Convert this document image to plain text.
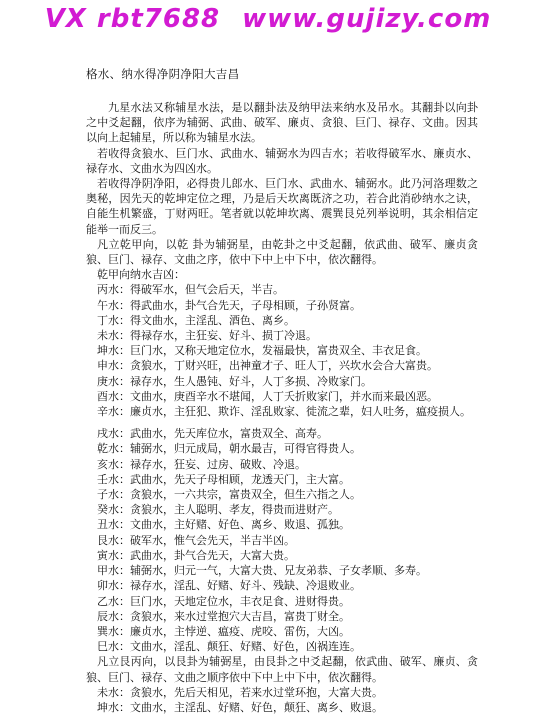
VX rbt7688 www.gujizy.com
格水、纳水得净阴净阳大吉昌

九星水法又称辅星水法，是以翻卦法及纳甲法来纳水及吊水。其翻卦以向卦之中爻起翻，依序为辅弼、武曲、破军、廉贞、贪狼、巨门、禄存、文曲。因其以向上起辅星，所以称为辅星水法。

若收得贪狼水、巨门水、武曲水、辅弼水为四吉水；若收得破军水、廉贞水、禄存水、文曲水为四凶水。

若收得净阴净阳，必得贵儿郎水、巨门水、武曲水、辅弼水。此乃河洛理数之奥秘，因先天的乾坤定位之理，乃是后天坎离既济之功，若合此消砂纳水之诀，自能生机繁盛，丁财两旺。笔者就以乾坤坎离、震巽艮兑列举说明，其余相信定能举一而反三。

凡立乾甲向，以乾 卦为辅弼星，由乾卦之中爻起翻，依武曲、破军、廉贞贪狼、巨门、禄存、文曲之序，依中下中上中下中，依次翻得。

乾甲向纳水吉凶：

丙水：得破军水，但气会后天，半吉。

午水：得武曲水，卦气合先天，子母相顾，子孙贤富。

丁水：得文曲水，主淫乱、酒色、离乡。

未水：得禄存水，主狂妄、好斗、损丁冷退。

坤水：巨门水，又称天地定位水，发福最快，富贵双全、丰衣足食。

申水：贪狼水，丁财兴旺，出神童才子、旺人丁，兴坎水会合大富贵。

庚水：禄存水，生人愚钝、好斗，人丁多损、冷败家门。

酉水：文曲水，庚酉辛水不堪闻，人丁夭折败家门，并水而来最凶恶。

辛水：廉贞水，主狂犯、欺诈、淫乱败家、徙流之辈，妇人吐务，瘟疫损人。

戌水：武曲水，先天库位水，富贵双全、高寿。

乾水：辅弼水，归元成局，朝水最吉，可得官得贵人。

亥水：禄存水，狂妄、过房、破败、冷退。

壬水：武曲水，先天子母相顾，龙透天门，主大富。

子水：贪狼水，一六共宗，富贵双全，但生六指之人。

癸水：贪狼水，主人聪明、孝友，得贵而进财产。

丑水：文曲水，主好赌、好色、离乡、败退、孤独。

艮水：破军水，惟气会先天，半吉半凶。

寅水：武曲水，卦气合先天，大富大贵。

甲水：辅弼水，归元一气，大富大贵、兄友弟恭、子女孝顺、多寿。

卯水：禄存水，淫乱、好赌、好斗、残缺、冷退败业。

乙水：巨门水，天地定位水，丰衣足食、进财得贵。

辰水：贪狼水，来水过堂抱穴大吉昌，富贵丁财全。

巽水：廉贞水，主悖逆、瘟疫、虎咬、雷伤，大凶。

巳水：文曲水，淫乱、颠狂、好赌、好色，凶祸连连。

凡立艮丙向，以艮卦为辅弼星，由艮卦之中爻起翻，依武曲、破军、廉贞、贪狼、巨门、禄存、文曲之顺序依中下中上中下中，依次翻得。

未水：贪狼水，先后天相见，若来水过堂环抱，大富大贵。

坤水：文曲水，主淫乱、好赌、好色，颠狂、离乡、败退。
